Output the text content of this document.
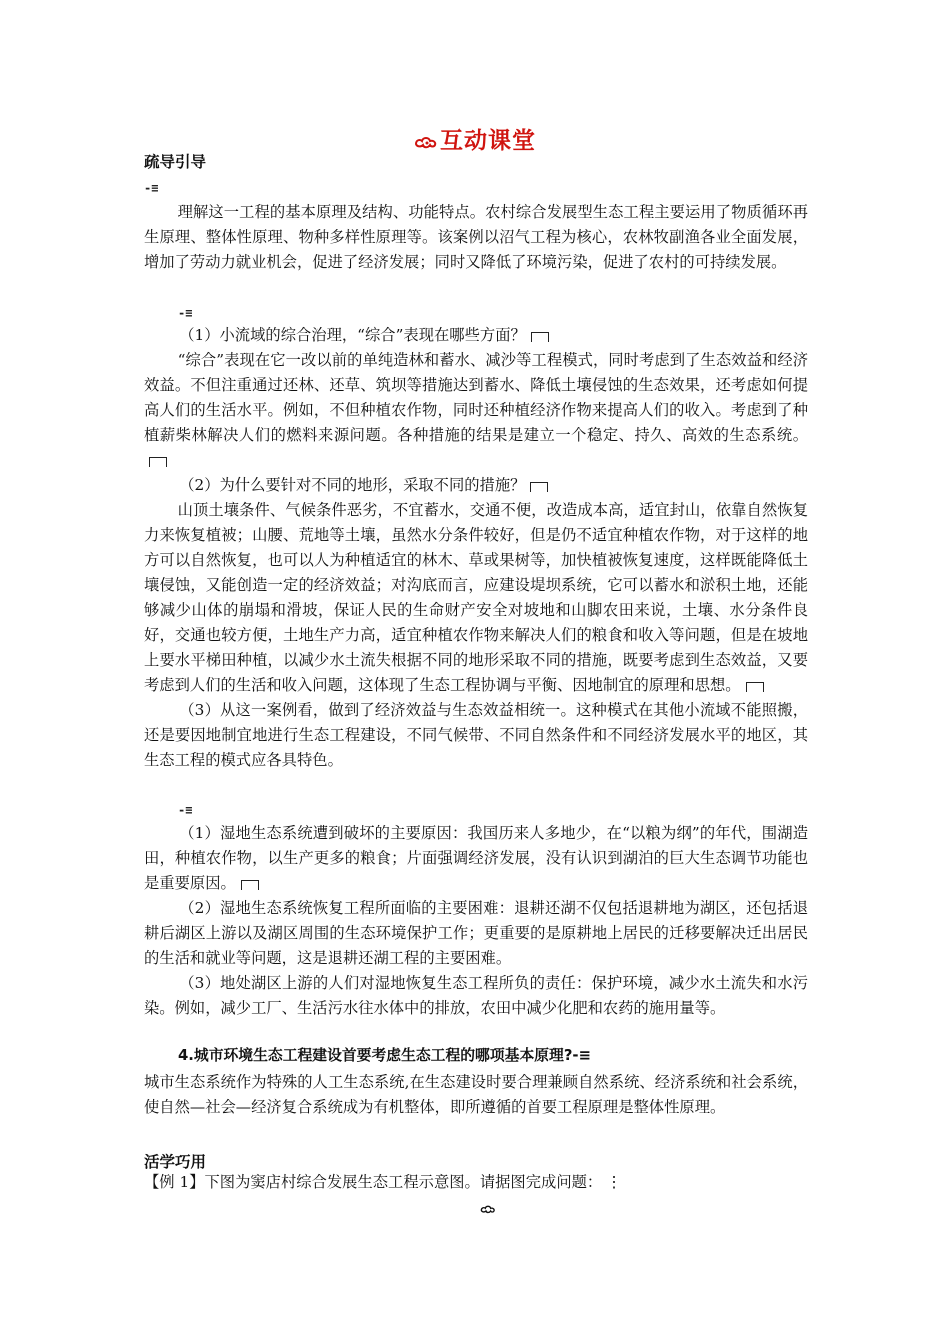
互动课堂
疏导引导
-≡

理解这一工程的基本原理及结构、功能特点。农村综合发展型生态工程主要运用了物质循环再生原理、整体性原理、物种多样性原理等。该案例以沼气工程为核心，农林牧副渔各业全面发展，增加了劳动力就业机会，促进了经济发展；同时又降低了环境污染，促进了农村的可持续发展。

-≡

（1）小流域的综合治理，“综合”表现在哪些方面？

“综合”表现在它一改以前的单纯造林和蓄水、减沙等工程模式，同时考虑到了生态效益和经济效益。不但注重通过还林、还草、筑坝等措施达到蓄水、降低土壤侵蚀的生态效果，还考虑如何提高人们的生活水平。例如，不但种植农作物，同时还种植经济作物来提高人们的收入。考虑到了种植薪柴林解决人们的燃料来源问题。各种措施的结果是建立一个稳定、持久、高效的生态系统。

（2）为什么要针对不同的地形，采取不同的措施？

山顶土壤条件、气候条件恶劣，不宜蓄水，交通不便，改造成本高，适宜封山，依靠自然恢复力来恢复植被；山腰、荒地等土壤，虽然水分条件较好，但是仍不适宜种植农作物，对于这样的地方可以自然恢复，也可以人为种植适宜的林木、草或果树等，加快植被恢复速度，这样既能降低土壤侵蚀，又能创造一定的经济效益；对沟底而言，应建设堤坝系统，它可以蓄水和淤积土地，还能够减少山体的崩塌和滑坡，保证人民的生命财产安全对坡地和山脚农田来说，土壤、水分条件良好，交通也较方便，土地生产力高，适宜种植农作物来解决人们的粮食和收入等问题，但是在坡地上要水平梯田种植，以减少水土流失根据不同的地形采取不同的措施，既要考虑到生态效益，又要考虑到人们的生活和收入问题，这体现了生态工程协调与平衡、因地制宜的原理和思想。

（3）从这一案例看，做到了经济效益与生态效益相统一。这种模式在其他小流域不能照搬，还是要因地制宜地进行生态工程建设，不同气候带、不同自然条件和不同经济发展水平的地区，其生态工程的模式应各具特色。

-≡

（1）湿地生态系统遭到破坏的主要原因：我国历来人多地少，在“以粮为纲”的年代，围湖造田，种植农作物，以生产更多的粮食；片面强调经济发展，没有认识到湖泊的巨大生态调节功能也是重要原因。

（2）湿地生态系统恢复工程所面临的主要困难：退耕还湖不仅包括退耕地为湖区，还包括退耕后湖区上游以及湖区周围的生态环境保护工作；更重要的是原耕地上居民的迁移要解决迁出居民的生活和就业等问题，这是退耕还湖工程的主要困难。

（3）地处湖区上游的人们对湿地恢复生态工程所负的责任：保护环境，减少水土流失和水污染。例如，减少工厂、生活污水往水体中的排放，农田中减少化肥和农药的施用量等。

4.城市环境生态工程建设首要考虑生态工程的哪项基本原理?-≡

城市生态系统作为特殊的人工生态系统,在生态建设时要合理兼顾自然系统、经济系统和社会系统，使自然—社会—经济复合系统成为有机整体，即所遵循的首要工程原理是整体性原理。

活学巧用

【例 1】下图为窦店村综合发展生态工程示意图。请据图完成问题： ⋮
